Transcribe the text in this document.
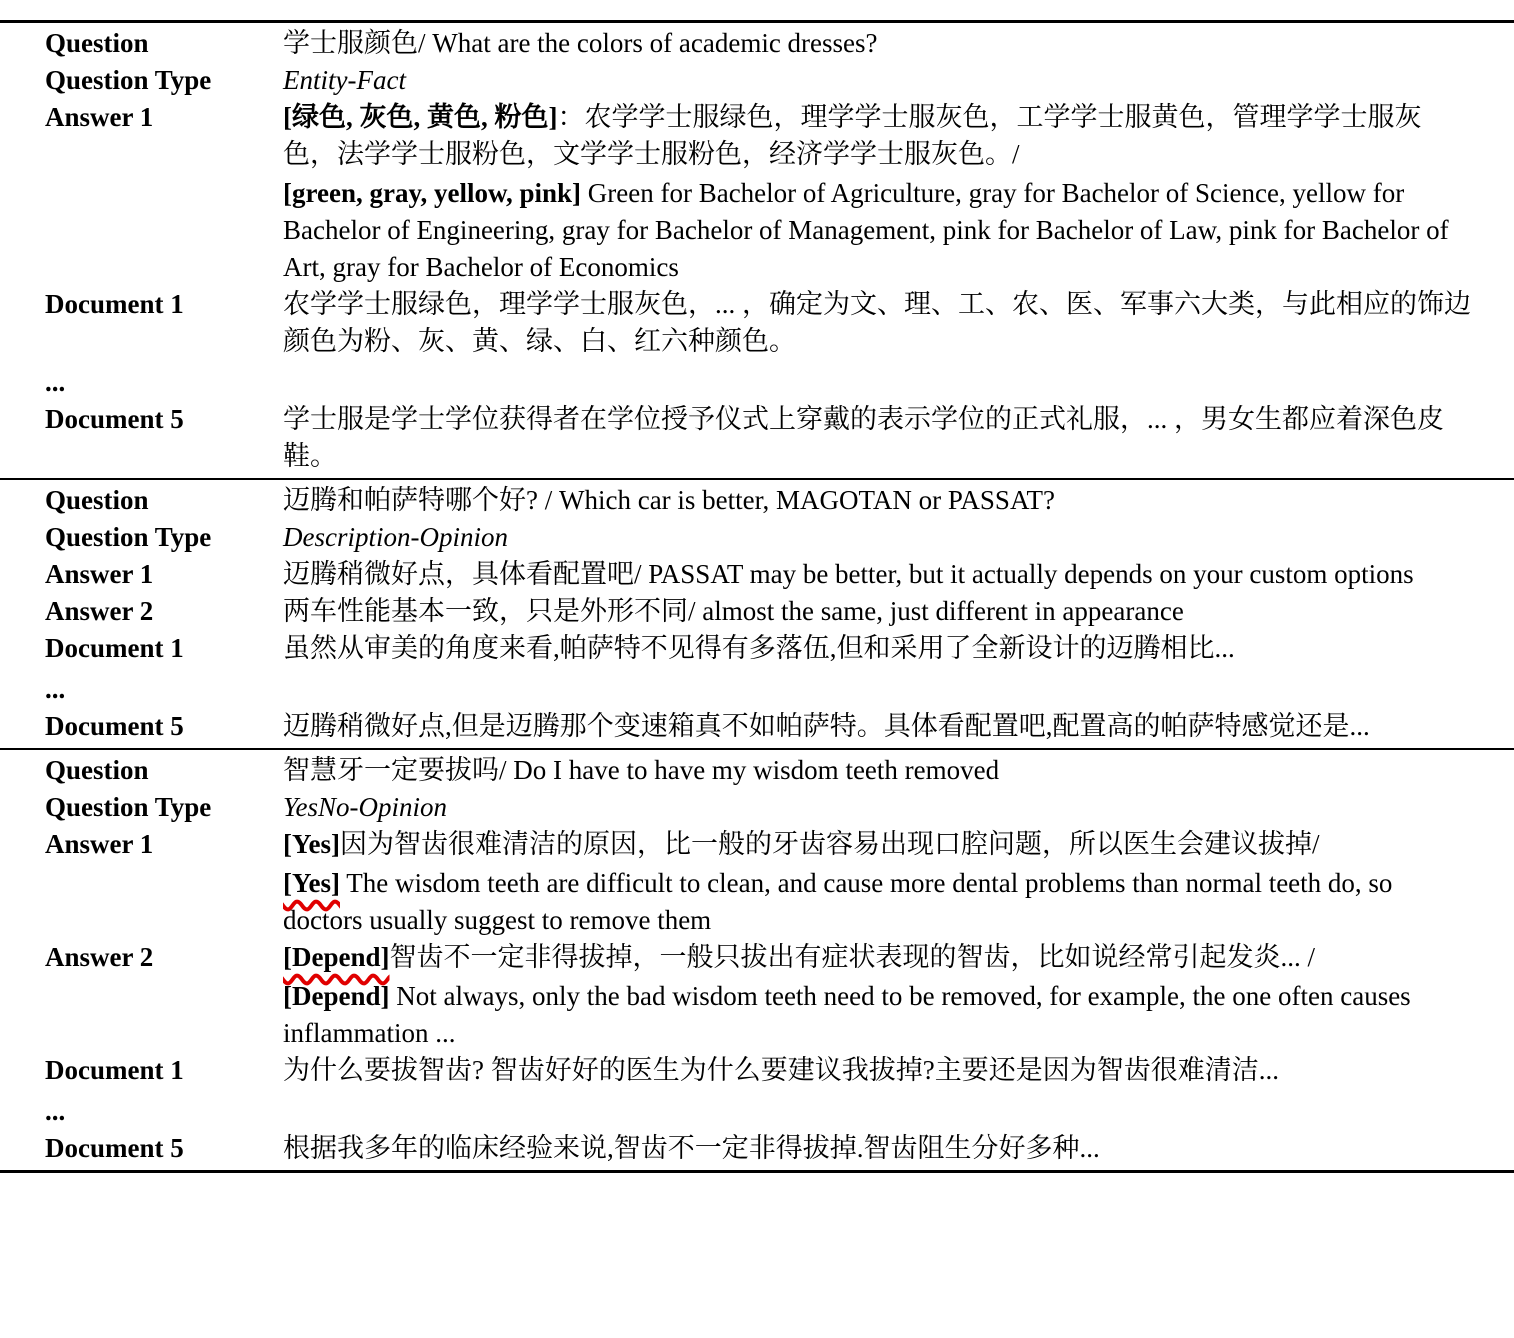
Question	学士服颜色/ What are the colors of academic dresses?
Question Type	Entity-Fact
Answer 1	[绿色, 灰色, 黄色, 粉色]：农学学士服绿色，理学学士服灰色，工学学士服黄色，管理学学士服灰色，法学学士服粉色，文学学士服粉色，经济学学士服灰色。/

[green, gray, yellow, pink] Green for Bachelor of Agriculture, gray for Bachelor of Science, yellow for Bachelor of Engineering, gray for Bachelor of Management, pink for Bachelor of Law, pink for Bachelor of Art, gray for Bachelor of Economics

Document 1	农学学士服绿色，理学学士服灰色，... ，确定为文、理、工、农、医、军事六大类，与此相应的饰边颜色为粉、灰、黄、绿、白、红六种颜色。
...
Document 5	学士服是学士学位获得者在学位授予仪式上穿戴的表示学位的正式礼服，... ，男女生都应着深色皮鞋。
Question	迈腾和帕萨特哪个好? / Which car is better, MAGOTAN or PASSAT?
Question Type	Description-Opinion
Answer 1	迈腾稍微好点，具体看配置吧/ PASSAT may be better, but it actually depends on your custom options
Answer 2	两车性能基本一致，只是外形不同/ almost the same, just different in appearance
Document 1	虽然从审美的角度来看,帕萨特不见得有多落伍,但和采用了全新设计的迈腾相比...
...
Document 5	迈腾稍微好点,但是迈腾那个变速箱真不如帕萨特。具体看配置吧,配置高的帕萨特感觉还是...
Question	智慧牙一定要拔吗/ Do I have to have my wisdom teeth removed
Question Type	YesNo-Opinion
Answer 1	[Yes]因为智齿很难清洁的原因，比一般的牙齿容易出现口腔问题，所以医生会建议拔掉/

[Yes] The wisdom teeth are difficult to clean, and cause more dental problems than normal teeth do, so doctors usually suggest to remove them

Answer 2	[Depend]智齿不一定非得拔掉，一般只拔出有症状表现的智齿，比如说经常引起发炎... /

[Depend] Not always, only the bad wisdom teeth need to be removed, for example, the one often causes inflammation ...

Document 1	为什么要拔智齿? 智齿好好的医生为什么要建议我拔掉?主要还是因为智齿很难清洁...
...
Document 5	根据我多年的临床经验来说,智齿不一定非得拔掉.智齿阻生分好多种...
